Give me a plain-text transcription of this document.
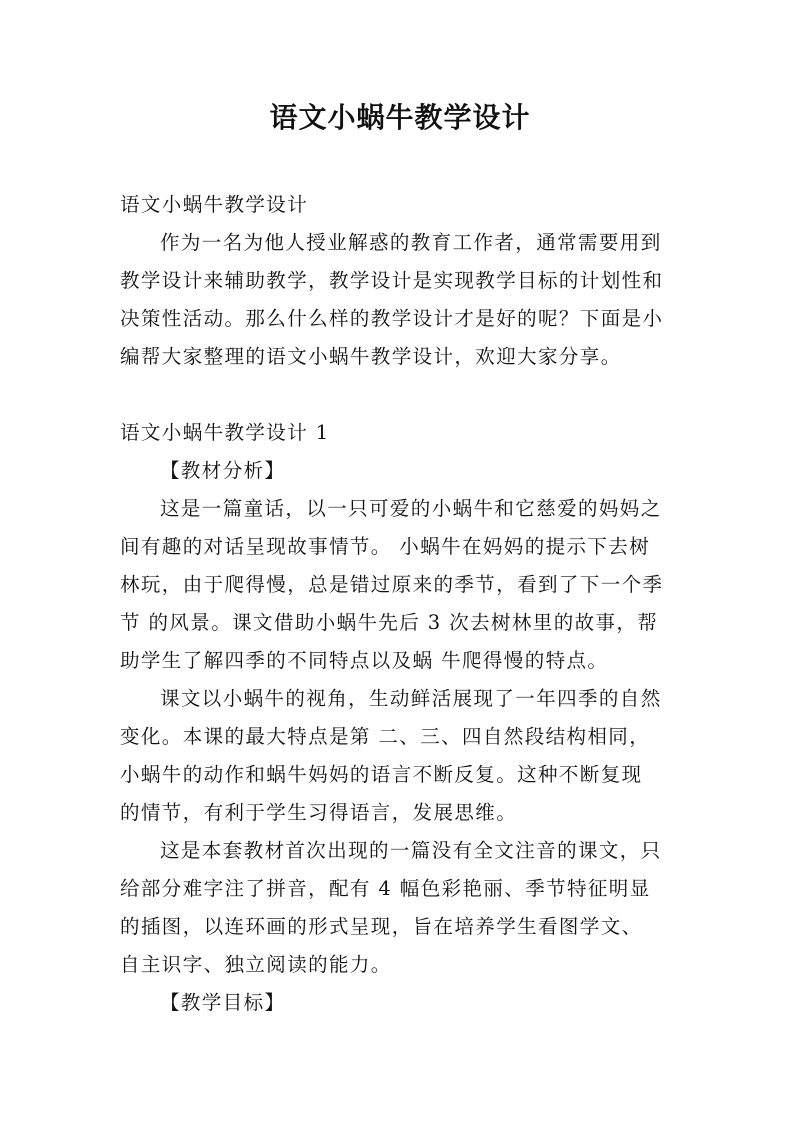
语文小蜗牛教学设计
语文小蜗牛教学设计
作为一名为他人授业解惑的教育工作者，通常需要用到
教学设计来辅助教学，教学设计是实现教学目标的计划性和
决策性活动。那么什么样的教学设计才是好的呢？下面是小
编帮大家整理的语文小蜗牛教学设计，欢迎大家分享。
语文小蜗牛教学设计 1
【教材分析】
这是一篇童话，以一只可爱的小蜗牛和它慈爱的妈妈之
间有趣的对话呈现故事情节。 小蜗牛在妈妈的提示下去树
林玩，由于爬得慢，总是错过原来的季节，看到了下一个季
节 的风景。课文借助小蜗牛先后 3 次去树林里的故事，帮
助学生了解四季的不同特点以及蜗 牛爬得慢的特点。
课文以小蜗牛的视角，生动鲜活展现了一年四季的自然
变化。本课的最大特点是第 二、三、四自然段结构相同，
小蜗牛的动作和蜗牛妈妈的语言不断反复。这种不断复现
的情节，有利于学生习得语言，发展思维。
这是本套教材首次出现的一篇没有全文注音的课文，只
给部分难字注了拼音，配有 4 幅色彩艳丽、季节特征明显
的插图，以连环画的形式呈现，旨在培养学生看图学文、
自主识字、独立阅读的能力。
【教学目标】
